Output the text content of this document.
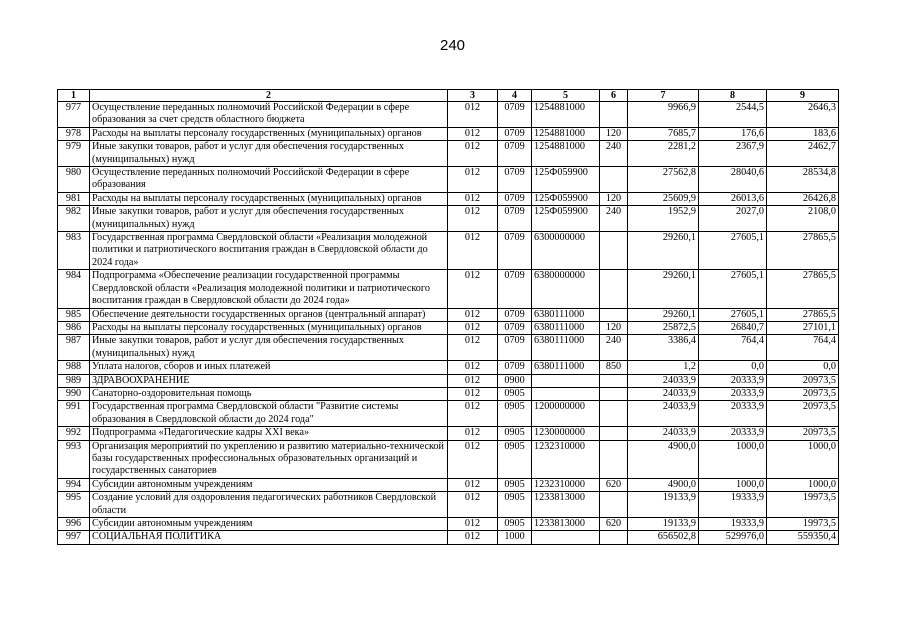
240
1	2	3	4	5	6	7	8	9
977	Осуществление переданных полномочий Российской Федерации в сфере образования за счет средств областного бюджета	012	0709	1254881000		9966,9	2544,5	2646,3
978	Расходы на выплаты персоналу государственных (муниципальных) органов	012	0709	1254881000	120	7685,7	176,6	183,6
979	Иные закупки товаров, работ и услуг для обеспечения государственных (муниципальных) нужд	012	0709	1254881000	240	2281,2	2367,9	2462,7
980	Осуществление переданных полномочий Российской Федерации в сфере образования	012	0709	125Ф059900		27562,8	28040,6	28534,8
981	Расходы на выплаты персоналу государственных (муниципальных) органов	012	0709	125Ф059900	120	25609,9	26013,6	26426,8
982	Иные закупки товаров, работ и услуг для обеспечения государственных (муниципальных) нужд	012	0709	125Ф059900	240	1952,9	2027,0	2108,0
983	Государственная программа Свердловской области «Реализация молодежной политики и патриотического воспитания граждан в Свердловской области до 2024 года»	012	0709	6300000000		29260,1	27605,1	27865,5
984	Подпрограмма «Обеспечение реализации государственной программы Свердловской области «Реализация молодежной политики и патриотического воспитания граждан в Свердловской области до 2024 года»	012	0709	6380000000		29260,1	27605,1	27865,5
985	Обеспечение деятельности государственных органов (центральный аппарат)	012	0709	6380111000		29260,1	27605,1	27865,5
986	Расходы на выплаты персоналу государственных (муниципальных) органов	012	0709	6380111000	120	25872,5	26840,7	27101,1
987	Иные закупки товаров, работ и услуг для обеспечения государственных (муниципальных) нужд	012	0709	6380111000	240	3386,4	764,4	764,4
988	Уплата налогов, сборов и иных платежей	012	0709	6380111000	850	1,2	0,0	0,0
989	ЗДРАВООХРАНЕНИЕ	012	0900			24033,9	20333,9	20973,5
990	Санаторно-оздоровительная помощь	012	0905			24033,9	20333,9	20973,5
991	Государственная программа Свердловской области "Развитие системы образования в Свердловской области до 2024 года"	012	0905	1200000000		24033,9	20333,9	20973,5
992	Подпрограмма «Педагогические кадры XXI века»	012	0905	1230000000		24033,9	20333,9	20973,5
993	Организация мероприятий по укреплению и развитию материально-технической базы государственных профессиональных образовательных организаций и государственных санаториев	012	0905	1232310000		4900,0	1000,0	1000,0
994	Субсидии автономным учреждениям	012	0905	1232310000	620	4900,0	1000,0	1000,0
995	Создание условий для оздоровления педагогических работников Свердловской области	012	0905	1233813000		19133,9	19333,9	19973,5
996	Субсидии автономным учреждениям	012	0905	1233813000	620	19133,9	19333,9	19973,5
997	СОЦИАЛЬНАЯ ПОЛИТИКА	012	1000			656502,8	529976,0	559350,4
